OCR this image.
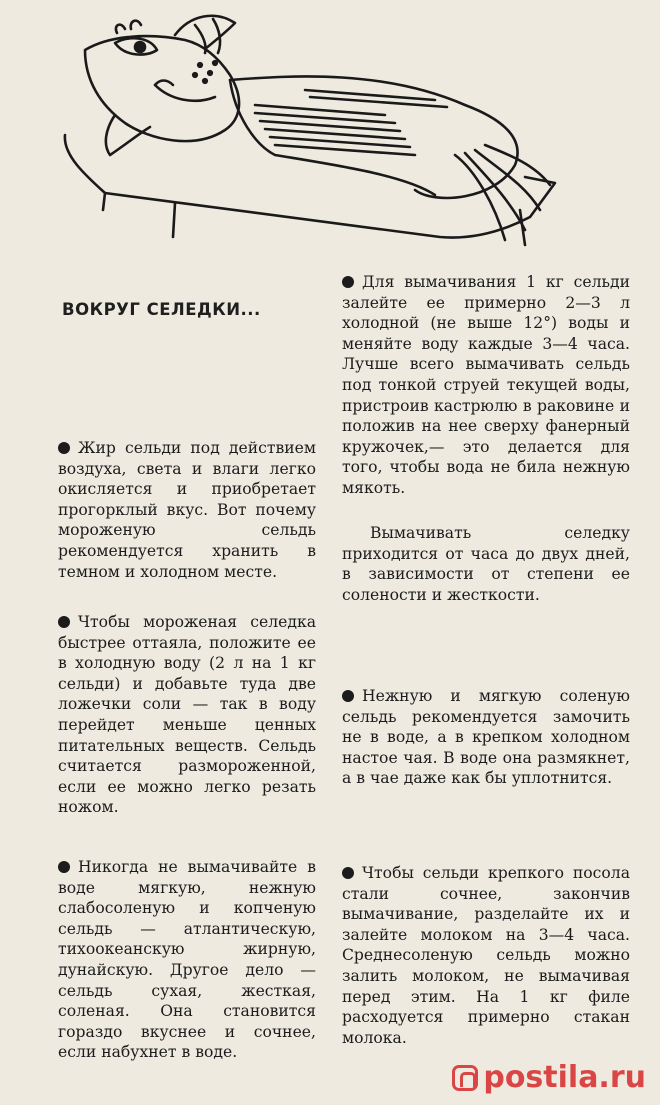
ВОКРУГ СЕЛЕДКИ...

Жир сельди под действием воздуха, света и влаги легко окисляется и приобретает прогорклый вкус. Вот почему мороженую сельдь рекомендуется хранить в темном и холодном месте.

Чтобы мороженая селедка быстрее оттаяла, положите ее в холодную воду (2 л на 1 кг сельди) и добавьте туда две ложечки соли — так в воду перейдет меньше ценных питательных веществ. Сельдь считается размороженной, если ее можно легко резать ножом.

Никогда не вымачивайте в воде мягкую, нежную слабосоленую и копченую сельдь — атлантическую, тихоокеанскую жирную, дунайскую. Другое дело — сельдь сухая, жесткая, соленая. Она становится гораздо вкуснее и сочнее, если набухнет в воде.

Для вымачивания 1 кг сельди залейте ее примерно 2—3 л холодной (не выше 12°) воды и меняйте воду каждые 3—4 часа. Лучше всего вымачивать сельдь под тонкой струей текущей воды, пристроив кастрюлю в раковине и положив на нее сверху фанерный кружочек,— это делается для того, чтобы вода не била нежную мякоть.

Вымачивать селедку приходится от часа до двух дней, в зависимости от степени ее солености и жесткости.

Нежную и мягкую соленую сельдь рекомендуется замочить не в воде, а в крепком холодном настое чая. В воде она размякнет, а в чае даже как бы уплотнится.

Чтобы сельди крепкого посола стали сочнее, закончив вымачивание, разделайте их и залейте молоком на 3—4 часа. Среднесоленую сельдь можно залить молоком, не вымачивая перед этим. На 1 кг филе расходуется примерно стакан молока.

postila.ru
